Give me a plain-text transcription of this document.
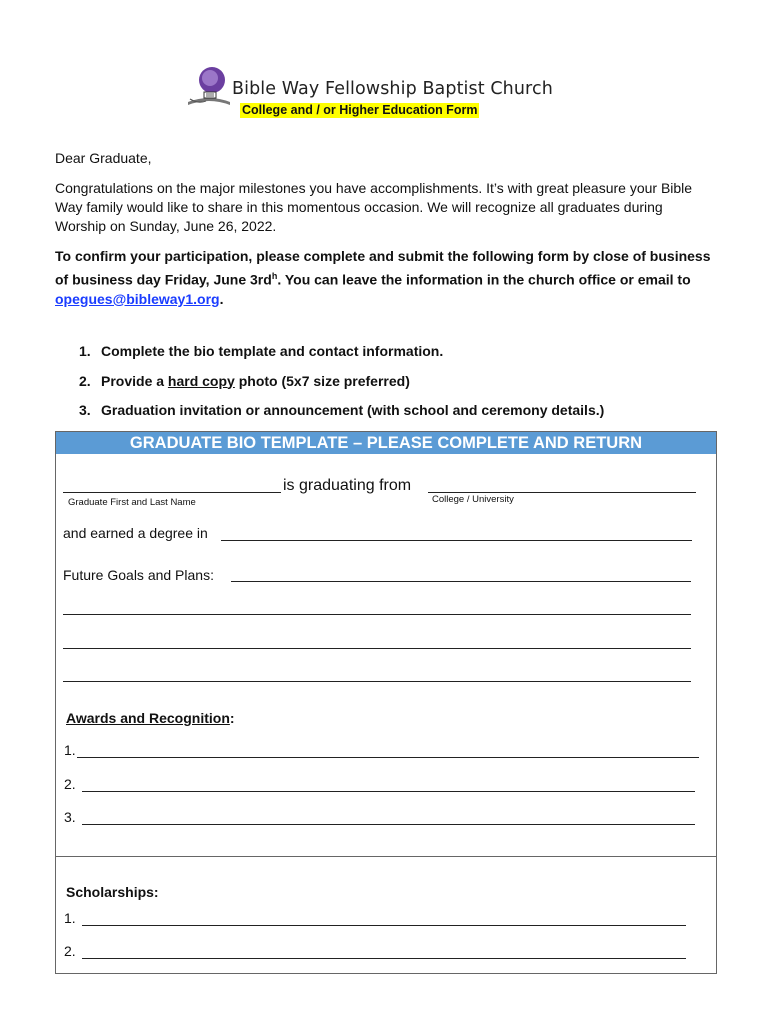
Bible Way Fellowship Baptist Church
College and / or Higher Education Form
Dear Graduate,
Congratulations on the major milestones you have accomplishments. It’s with great pleasure your Bible Way family would like to share in this momentous occasion. We will recognize all graduates during Worship on Sunday, June 26, 2022.
To confirm your participation, please complete and submit the following form by close of business of business day Friday, June $3rd^h$. You can leave the information in the church office or email to opegues@bibleway1.org.
1. Complete the bio template and contact information.
2. Provide a hard copy photo (5x7 size preferred)
3. Graduation invitation or announcement (with school and ceremony details.)
GRADUATE BIO TEMPLATE – PLEASE COMPLETE AND RETURN
is graduating from
Graduate First and Last Name	College / University
and earned a degree in
Future Goals and Plans:
Awards and Recognition:
1.
2.
3.
Scholarships:
1.
2.
